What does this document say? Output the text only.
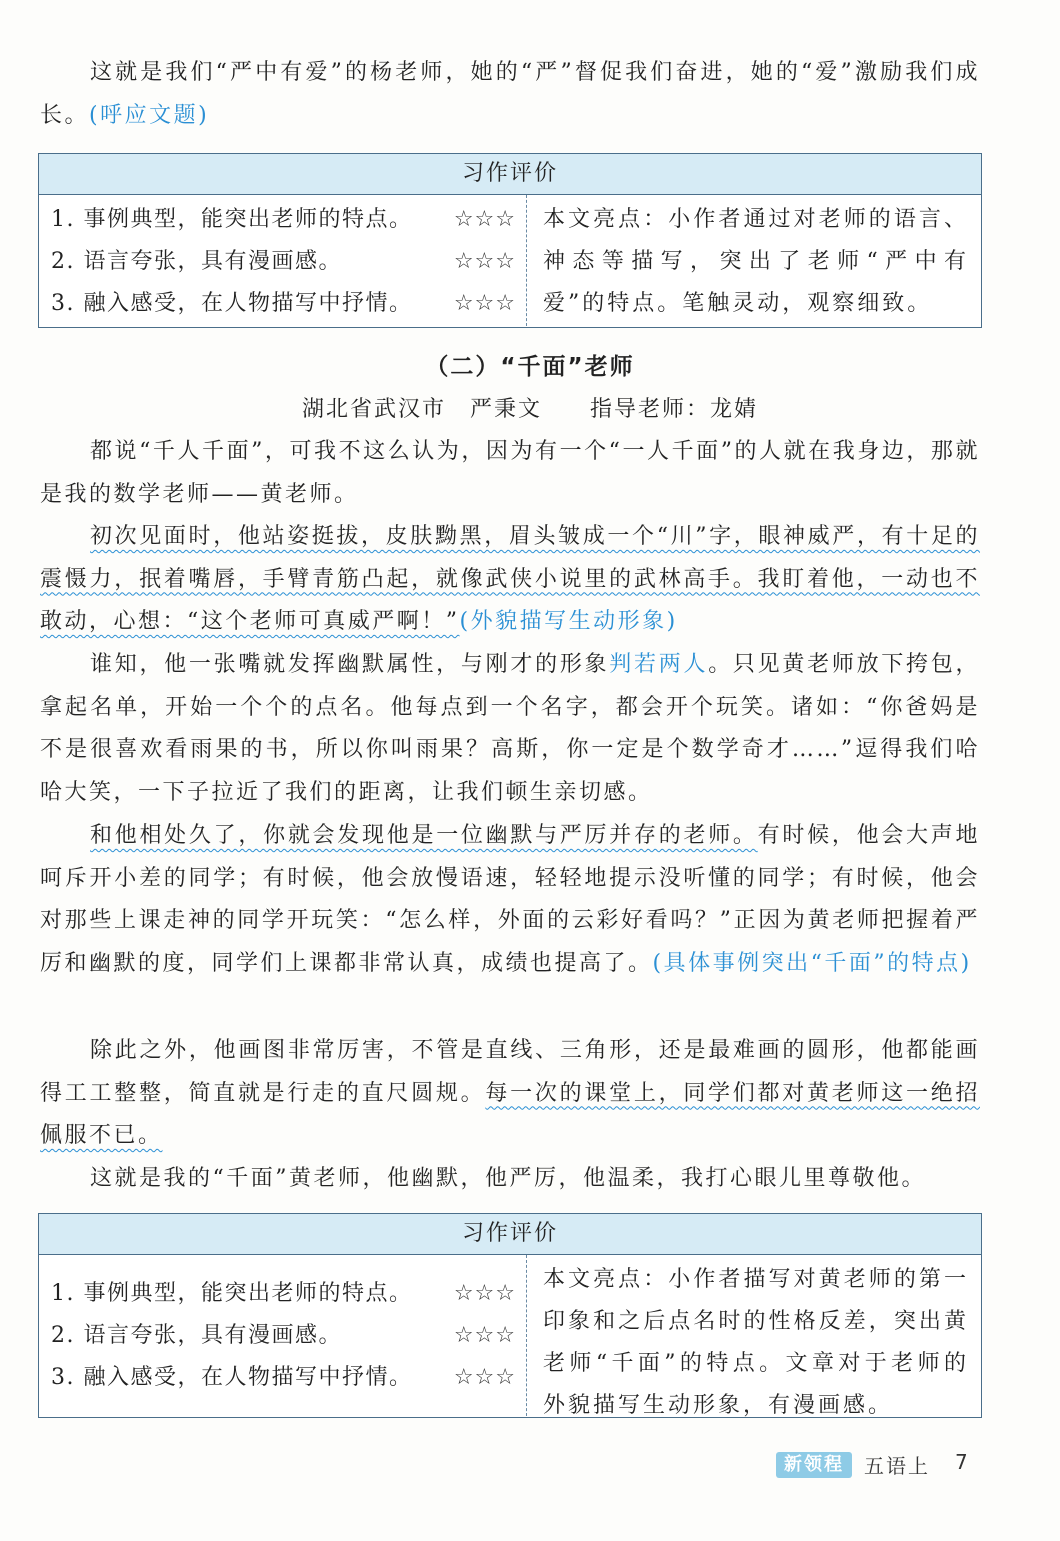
这就是我们“严中有爱”的杨老师，她的“严”督促我们奋进，她的“爱”激励我们成长。(呼应文题)
习作评价
1. 事例典型，能突出老师的特点。 ☆☆☆
2. 语言夸张，具有漫画感。	☆☆☆
3. 融入感受，在人物描写中抒情。 ☆☆☆
本文亮点：小作者通过对老师的语言、神态等描写，突出了老师“严中有爱”的特点。笔触灵动，观察细致。
（二）“千面”老师
湖北省武汉市　严秉文　　指导老师：龙婧
都说“千人千面”，可我不这么认为，因为有一个“一人千面”的人就在我身边，那就是我的数学老师——黄老师。
初次见面时，他站姿挺拔，皮肤黝黑，眉头皱成一个“川”字，眼神威严，有十足的震慑力，抿着嘴唇，手臂青筋凸起，就像武侠小说里的武林高手。我盯着他，一动也不敢动，心想：“这个老师可真威严啊！”(外貌描写生动形象)
谁知，他一张嘴就发挥幽默属性，与刚才的形象判若两人。只见黄老师放下挎包，拿起名单，开始一个个的点名。他每点到一个名字，都会开个玩笑。诸如：“你爸妈是不是很喜欢看雨果的书，所以你叫雨果？高斯，你一定是个数学奇才……”逗得我们哈哈大笑，一下子拉近了我们的距离，让我们顿生亲切感。
和他相处久了，你就会发现他是一位幽默与严厉并存的老师。有时候，他会大声地呵斥开小差的同学；有时候，他会放慢语速，轻轻地提示没听懂的同学；有时候，他会对那些上课走神的同学开玩笑：“怎么样，外面的云彩好看吗？”正因为黄老师把握着严厉和幽默的度，同学们上课都非常认真，成绩也提高了。(具体事例突出“千面”的特点)
除此之外，他画图非常厉害，不管是直线、三角形，还是最难画的圆形，他都能画得工工整整，简直就是行走的直尺圆规。每一次的课堂上，同学们都对黄老师这一绝招佩服不已。
这就是我的“千面”黄老师，他幽默，他严厉，他温柔，我打心眼儿里尊敬他。
习作评价
1. 事例典型，能突出老师的特点。 ☆☆☆
2. 语言夸张，具有漫画感。	☆☆☆
3. 融入感受，在人物描写中抒情。 ☆☆☆
本文亮点：小作者描写对黄老师的第一印象和之后点名时的性格反差，突出黄老师“千面”的特点。文章对于老师的外貌描写生动形象，有漫画感。
新领程	五语上 7
